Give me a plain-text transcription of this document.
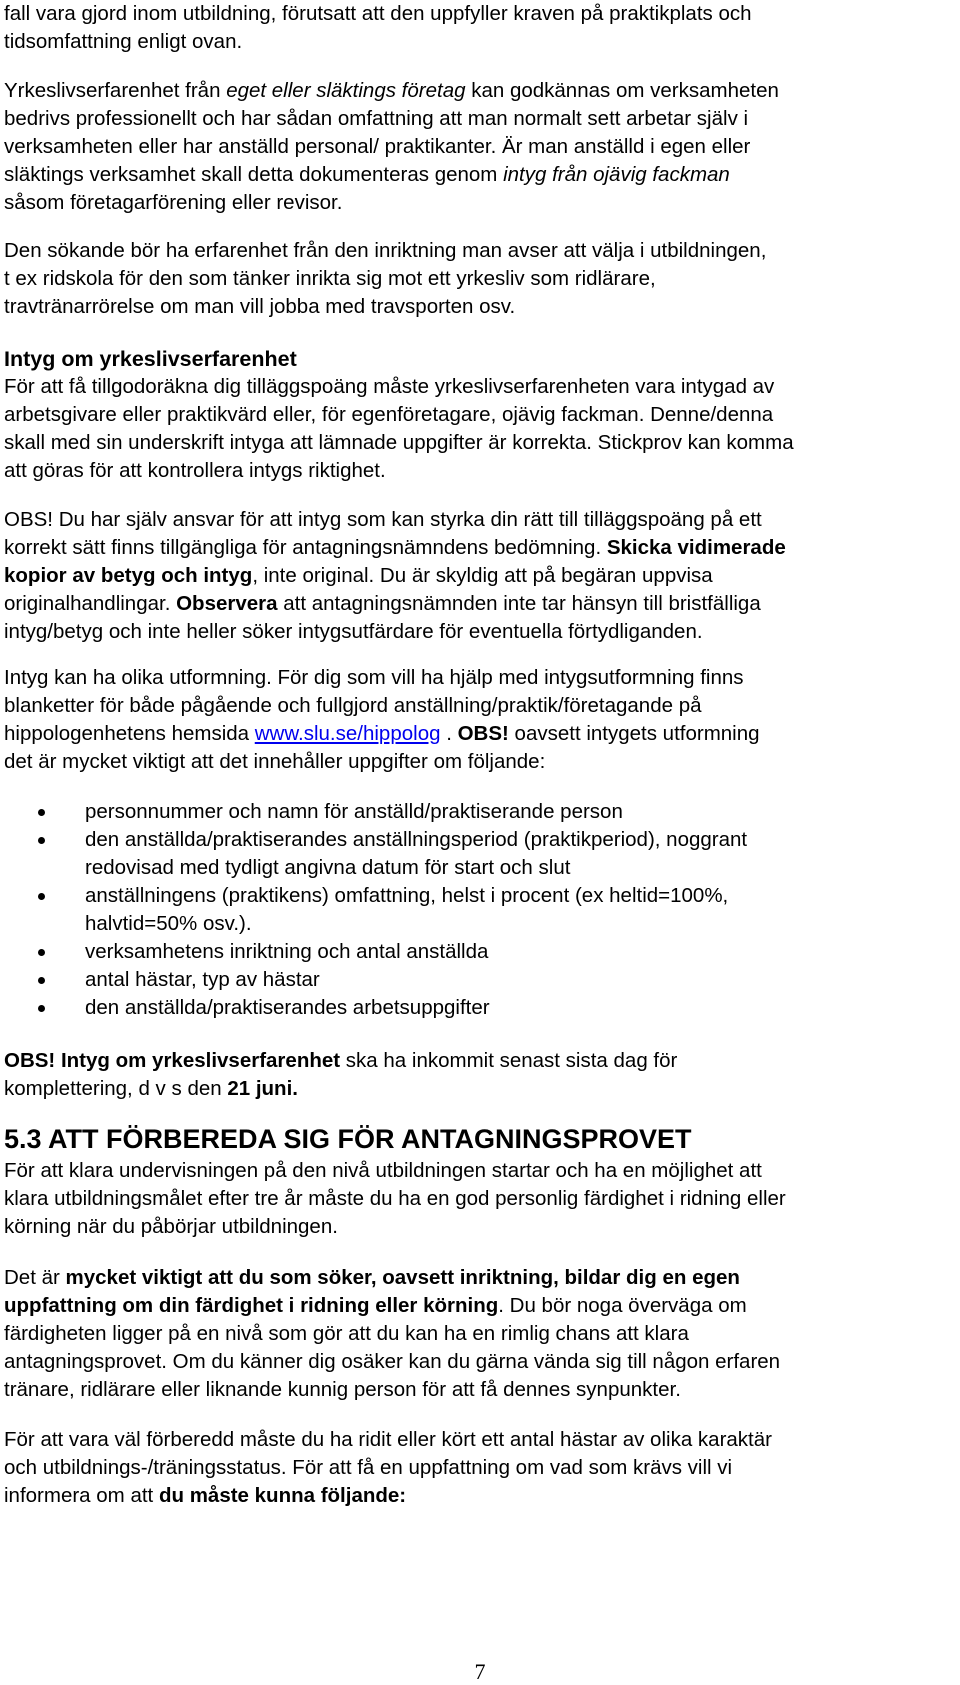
fall vara gjord inom utbildning, förutsatt att den uppfyller kraven på praktikplats och
tidsomfattning enligt ovan.

Yrkeslivserfarenhet från eget eller släktings företag kan godkännas om verksamheten
bedrivs professionellt och har sådan omfattning att man normalt sett arbetar själv i
verksamheten eller har anställd personal/ praktikanter. Är man anställd i egen eller
släktings verksamhet skall detta dokumenteras genom intyg från ojävig fackman
såsom företagarförening eller revisor.

Den sökande bör ha erfarenhet från den inriktning man avser att välja i utbildningen,
t ex ridskola för den som tänker inrikta sig mot ett yrkesliv som ridlärare,
travtränarrörelse om man vill jobba med travsporten osv.

Intyg om yrkeslivserfarenhet

För att få tillgodoräkna dig tilläggspoäng måste yrkeslivserfarenheten vara intygad av
arbetsgivare eller praktikvärd eller, för egenföretagare, ojävig fackman. Denne/denna
skall med sin underskrift intyga att lämnade uppgifter är korrekta. Stickprov kan komma
att göras för att kontrollera intygs riktighet.

OBS! Du har själv ansvar för att intyg som kan styrka din rätt till tilläggspoäng på ett
korrekt sätt finns tillgängliga för antagningsnämndens bedömning. Skicka vidimerade
kopior av betyg och intyg, inte original. Du är skyldig att på begäran uppvisa
originalhandlingar. Observera att antagningsnämnden inte tar hänsyn till bristfälliga
intyg/betyg och inte heller söker intygsutfärdare för eventuella förtydliganden.

Intyg kan ha olika utformning. För dig som vill ha hjälp med intygsutformning finns
blanketter för både pågående och fullgjord anställning/praktik/företagande på
hippologenhetens hemsida www.slu.se/hippolog . OBS! oavsett intygets utformning
det är mycket viktigt att det innehåller uppgifter om följande:

personnummer och namn för anställd/praktiserande person
den anställda/praktiserandes anställningsperiod (praktikperiod), noggrant
redovisad med tydligt angivna datum för start och slut
anställningens (praktikens) omfattning, helst i procent (ex heltid=100%,
halvtid=50% osv.).
verksamhetens inriktning och antal anställda
antal hästar, typ av hästar
den anställda/praktiserandes arbetsuppgifter

OBS! Intyg om yrkeslivserfarenhet ska ha inkommit senast sista dag för
komplettering, d v s den 21 juni.

5.3 ATT FÖRBEREDA SIG FÖR ANTAGNINGSPROVET

För att klara undervisningen på den nivå utbildningen startar och ha en möjlighet att
klara utbildningsmålet efter tre år måste du ha en god personlig färdighet i ridning eller
körning när du påbörjar utbildningen.

Det är mycket viktigt att du som söker, oavsett inriktning, bildar dig en egen
uppfattning om din färdighet i ridning eller körning. Du bör noga överväga om
färdigheten ligger på en nivå som gör att du kan ha en rimlig chans att klara
antagningsprovet. Om du känner dig osäker kan du gärna vända sig till någon erfaren
tränare, ridlärare eller liknande kunnig person för att få dennes synpunkter.

För att vara väl förberedd måste du ha ridit eller kört ett antal hästar av olika karaktär
och utbildnings-/träningsstatus. För att få en uppfattning om vad som krävs vill vi
informera om att du måste kunna följande:

7
